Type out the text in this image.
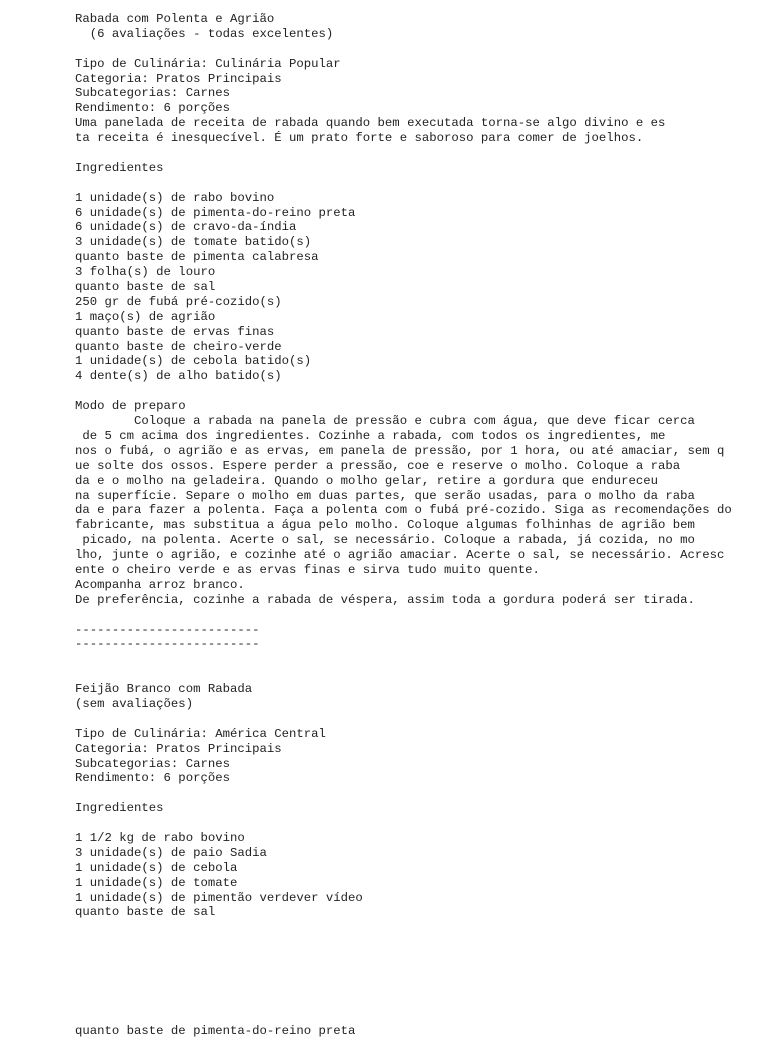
Rabada com Polenta e Agrião
(6 avaliações - todas excelentes)
Tipo de Culinária: Culinária Popular
Categoria: Pratos Principais
Subcategorias: Carnes
Rendimento: 6 porções
Uma panelada de receita de rabada quando bem executada torna-se algo divino e es
ta receita é inesquecível. É um prato forte e saboroso para comer de joelhos.
Ingredientes
1 unidade(s) de rabo bovino
6 unidade(s) de pimenta-do-reino preta
6 unidade(s) de cravo-da-índia
3 unidade(s) de tomate batido(s)
quanto baste de pimenta calabresa
3 folha(s) de louro
quanto baste de sal
250 gr de fubá pré-cozido(s)
1 maço(s) de agrião
quanto baste de ervas finas
quanto baste de cheiro-verde
1 unidade(s) de cebola batido(s)
4 dente(s) de alho batido(s)
Modo de preparo
Coloque a rabada na panela de pressão e cubra com água, que deve ficar cerca
de 5 cm acima dos ingredientes. Cozinhe a rabada, com todos os ingredientes, me
nos o fubá, o agrião e as ervas, em panela de pressão, por 1 hora, ou até amaciar, sem q
ue solte dos ossos. Espere perder a pressão, coe e reserve o molho. Coloque a raba
da e o molho na geladeira. Quando o molho gelar, retire a gordura que endureceu
na superfície. Separe o molho em duas partes, que serão usadas, para o molho da raba
da e para fazer a polenta. Faça a polenta com o fubá pré-cozido. Siga as recomendações do
fabricante, mas substitua a água pelo molho. Coloque algumas folhinhas de agrião bem
picado, na polenta. Acerte o sal, se necessário. Coloque a rabada, já cozida, no mo
lho, junte o agrião, e cozinhe até o agrião amaciar. Acerte o sal, se necessário. Acresc
ente o cheiro verde e as ervas finas e sirva tudo muito quente.
Acompanha arroz branco.
De preferência, cozinhe a rabada de véspera, assim toda a gordura poderá ser tirada.
-------------------------
-------------------------
Feijão Branco com Rabada
(sem avaliações)
Tipo de Culinária: América Central
Categoria: Pratos Principais
Subcategorias: Carnes
Rendimento: 6 porções
Ingredientes
1 1/2 kg de rabo bovino
3 unidade(s) de paio Sadia
1 unidade(s) de cebola
1 unidade(s) de tomate
1 unidade(s) de pimentão verdever vídeo
quanto baste de sal
quanto baste de pimenta-do-reino preta
